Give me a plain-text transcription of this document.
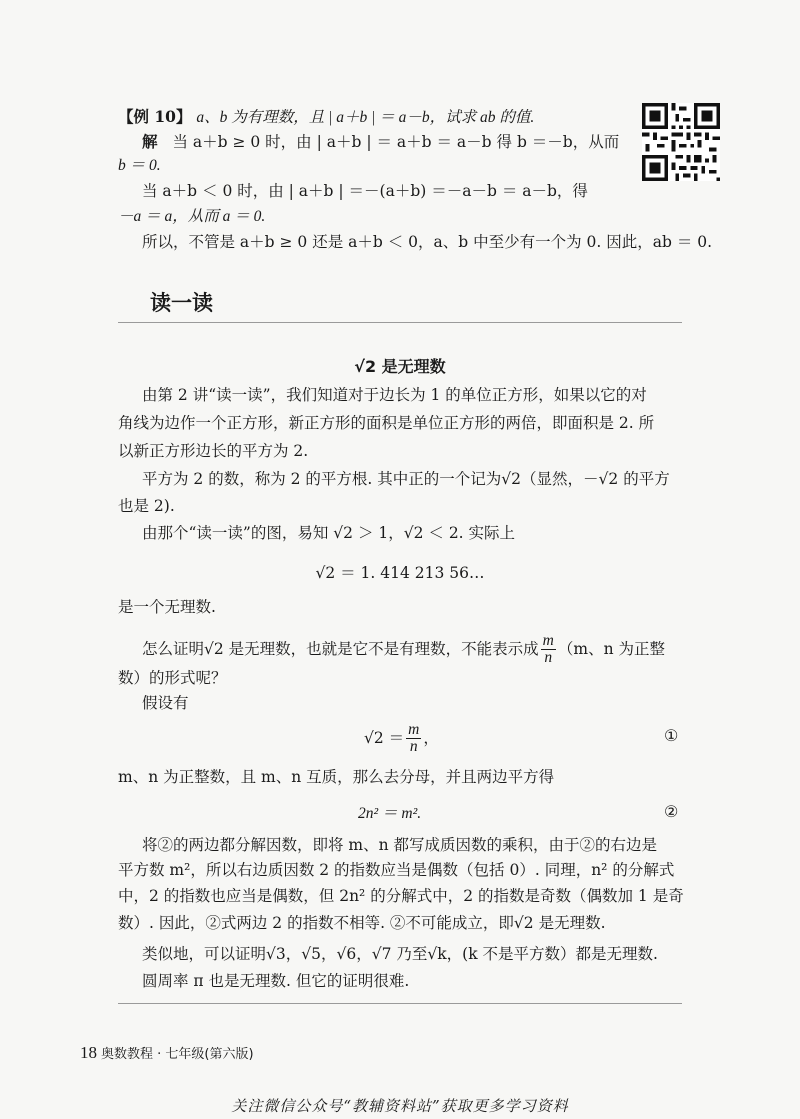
【例 10】 a、b 为有理数，且 | a＋b | ＝ a－b，试求 ab 的值.
解 当 a＋b ≥ 0 时，由 | a＋b | ＝ a＋b ＝ a－b 得 b ＝－b，从而
b ＝ 0.
当 a＋b ＜ 0 时，由 | a＋b | ＝－(a＋b) ＝－a－b ＝ a－b，得
－a ＝ a，从而 a ＝ 0.
所以，不管是 a＋b ≥ 0 还是 a＋b ＜ 0，a、b 中至少有一个为 0. 因此，ab ＝ 0.
读一读
√2 是无理数
由第 2 讲“读一读”，我们知道对于边长为 1 的单位正方形，如果以它的对
角线为边作一个正方形，新正方形的面积是单位正方形的两倍，即面积是 2. 所
以新正方形边长的平方为 2.
平方为 2 的数，称为 2 的平方根. 其中正的一个记为√2（显然，－√2 的平方
也是 2).
由那个“读一读”的图，易知 √2 ＞ 1，√2 ＜ 2. 实际上
√2 ＝ 1. 414 213 56…
是一个无理数.
怎么证明√2 是无理数，也就是它不是有理数，不能表示成 $\frac{m}{n} (m$、n 为正整
数）的形式呢？
假设有
$√2 = \frac{m}{n}$ ，	①
m、n 为正整数，且 m、n 互质，那么去分母，并且两边平方得
2n² ＝ m².	②
将②的两边都分解因数，即将 m、n 都写成质因数的乘积，由于②的右边是
平方数 m²，所以右边质因数 2 的指数应当是偶数（包括 0）. 同理，n² 的分解式
中，2 的指数也应当是偶数，但 2n² 的分解式中，2 的指数是奇数（偶数加 1 是奇
数）. 因此，②式两边 2 的指数不相等. ②不可能成立，即√2 是无理数.
类似地，可以证明√3，√5，√6，√7 乃至√k，(k 不是平方数）都是无理数.
圆周率 π 也是无理数. 但它的证明很难.
18 奥数教程 · 七年级(第六版)
关注微信公众号“教辅资料站”获取更多学习资料
